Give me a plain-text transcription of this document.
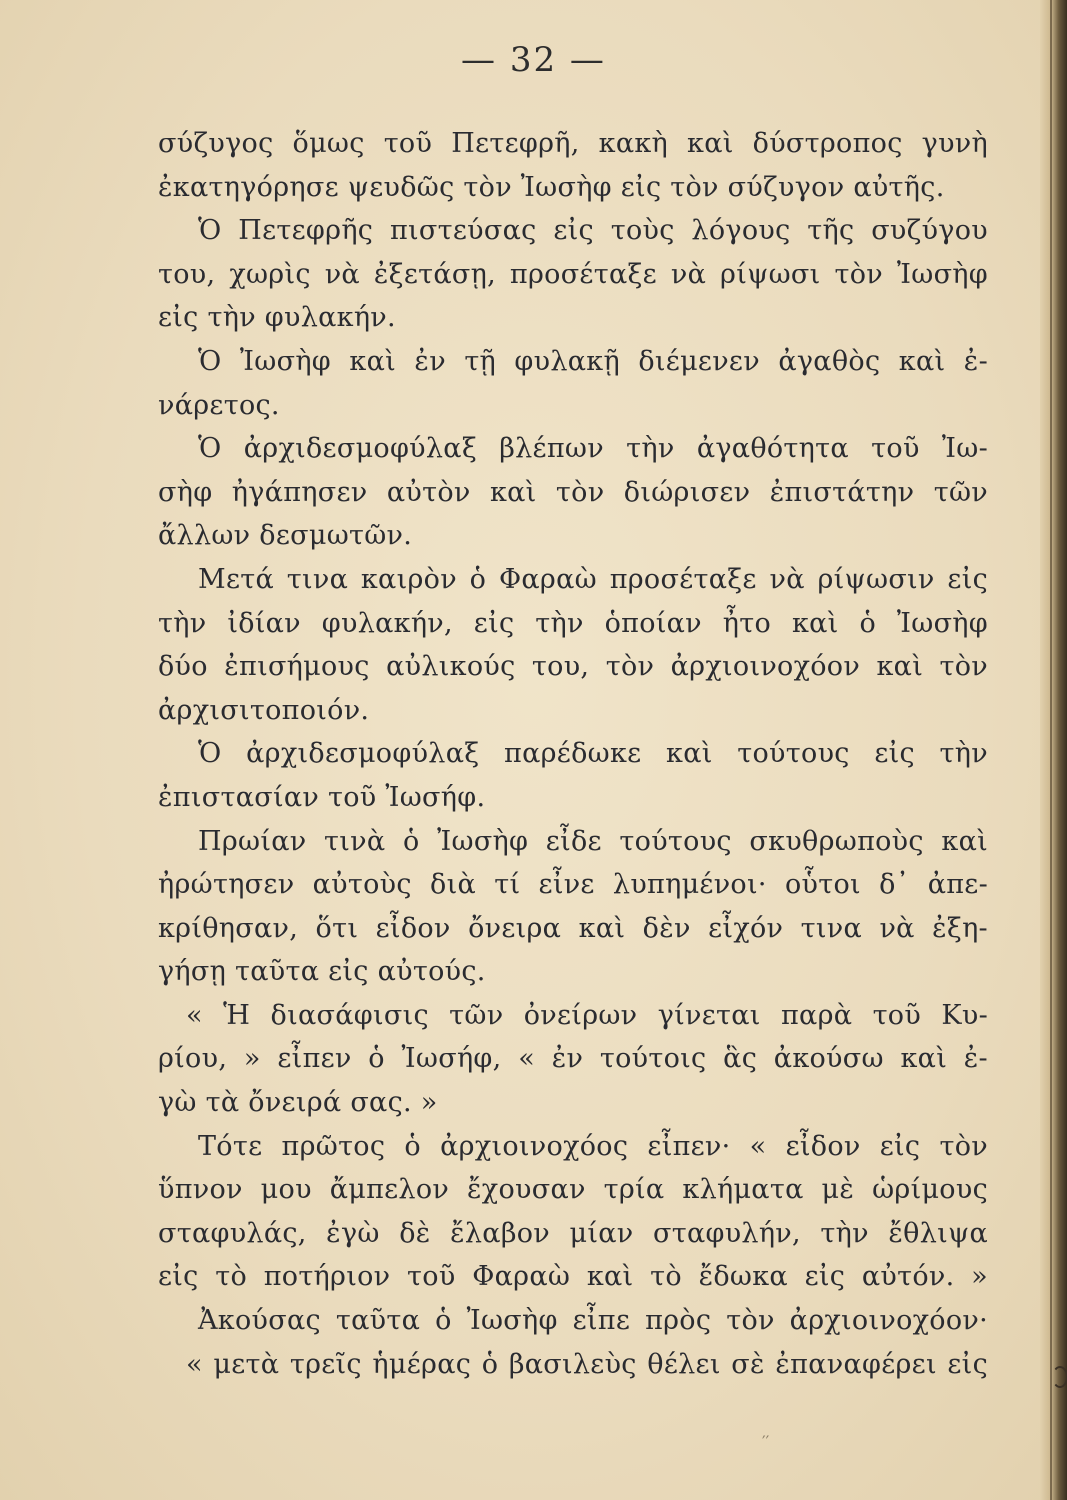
— 32 —
σύζυγος ὅμως τοῦ Πετεφρῆ, κακὴ καὶ δύστροπος γυνὴ
ἐκατηγόρησε ψευδῶς τὸν Ἰωσὴφ εἰς τὸν σύζυγον αὐτῆς.
Ὁ Πετεφρῆς πιστεύσας εἰς τοὺς λόγους τῆς συζύγου
του, χωρὶς νὰ ἐξετάσῃ, προσέταξε νὰ ρίψωσι τὸν Ἰωσὴφ
εἰς τὴν φυλακήν.
Ὁ Ἰωσὴφ καὶ ἐν τῇ φυλακῇ διέμενεν ἀγαθὸς καὶ ἐ-
νάρετος.
Ὁ ἀρχιδεσμοφύλαξ βλέπων τὴν ἀγαθότητα τοῦ Ἰω-
σὴφ ἠγάπησεν αὐτὸν καὶ τὸν διώρισεν ἐπιστάτην τῶν
ἄλλων δεσμωτῶν.
Μετά τινα καιρὸν ὁ Φαραὼ προσέταξε νὰ ρίψωσιν εἰς
τὴν ἰδίαν φυλακήν, εἰς τὴν ὁποίαν ἦτο καὶ ὁ Ἰωσὴφ
δύο ἐπισήμους αὐλικούς του, τὸν ἀρχιοινοχόον καὶ τὸν
ἀρχισιτοποιόν.
Ὁ ἀρχιδεσμοφύλαξ παρέδωκε καὶ τούτους εἰς τὴν
ἐπιστασίαν τοῦ Ἰωσήφ.
Πρωίαν τινὰ ὁ Ἰωσὴφ εἶδε τούτους σκυθρωποὺς καὶ
ἠρώτησεν αὐτοὺς διὰ τί εἶνε λυπημένοι· οὗτοι δ᾽ ἀπε-
κρίθησαν, ὅτι εἶδον ὄνειρα καὶ δὲν εἶχόν τινα νὰ ἐξη-
γήσῃ ταῦτα εἰς αὐτούς.
« Ἡ διασάφισις τῶν ὀνείρων γίνεται παρὰ τοῦ Κυ-
ρίου, » εἶπεν ὁ Ἰωσήφ, « ἐν τούτοις ἃς ἀκούσω καὶ ἐ-
γὼ τὰ ὄνειρά σας. »
Τότε πρῶτος ὁ ἀρχιοινοχόος εἶπεν· « εἶδον εἰς τὸν
ὕπνον μου ἄμπελον ἔχουσαν τρία κλήματα μὲ ὡρίμους
σταφυλάς, ἐγὼ δὲ ἔλαβον μίαν σταφυλήν, τὴν ἔθλιψα
εἰς τὸ ποτήριον τοῦ Φαραὼ καὶ τὸ ἔδωκα εἰς αὐτόν. »
Ἀκούσας ταῦτα ὁ Ἰωσὴφ εἶπε πρὸς τὸν ἀρχιοινοχόον·
« μετὰ τρεῖς ἡμέρας ὁ βασιλεὺς θέλει σὲ ἐπαναφέρει εἰς
′′
